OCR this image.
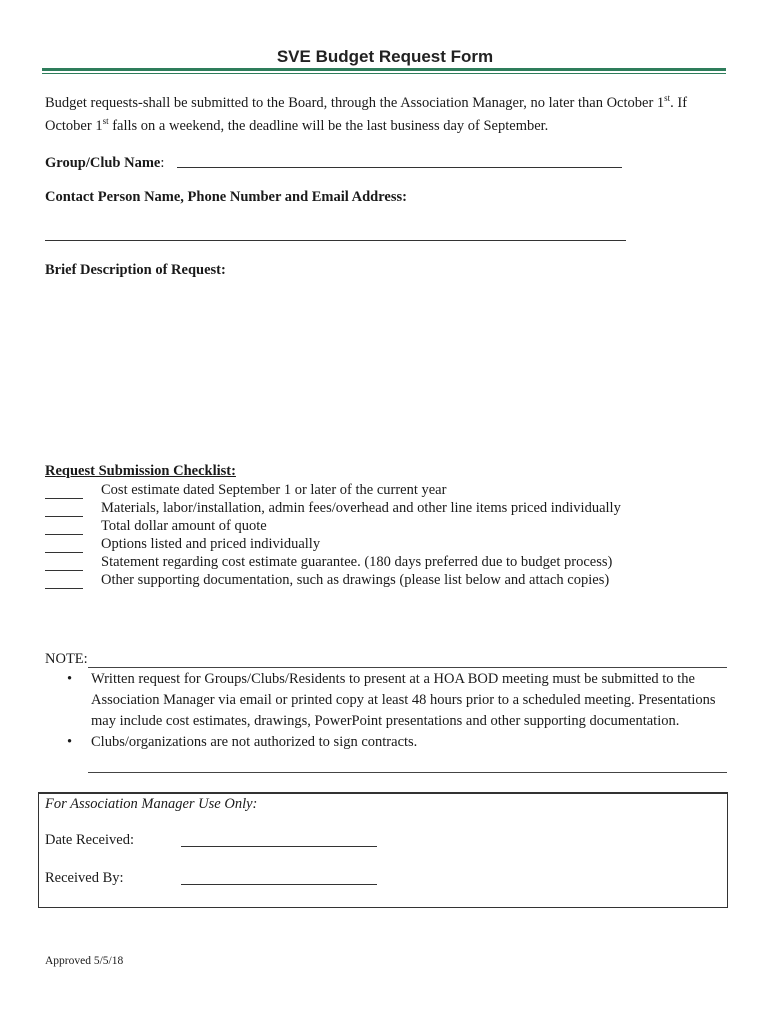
SVE Budget Request Form
Budget requests-shall be submitted to the Board, through the Association Manager, no later than October 1st. If October 1st falls on a weekend, the deadline will be the last business day of September.
Group/Club Name:
Contact Person Name, Phone Number and Email Address:
Brief Description of Request:
Request Submission Checklist:
Cost estimate dated September 1 or later of the current year
Materials, labor/installation, admin fees/overhead and other line items priced individually
Total dollar amount of quote
Options listed and priced individually
Statement regarding cost estimate guarantee. (180 days preferred due to budget process)
Other supporting documentation, such as drawings (please list below and attach copies)
NOTE:
• Written request for Groups/Clubs/Residents to present at a HOA BOD meeting must be submitted to the Association Manager via email or printed copy at least 48 hours prior to a scheduled meeting. Presentations may include cost estimates, drawings, PowerPoint presentations and other supporting documentation.
• Clubs/organizations are not authorized to sign contracts.
For Association Manager Use Only:
Date Received:
Received By:
Approved 5/5/18
